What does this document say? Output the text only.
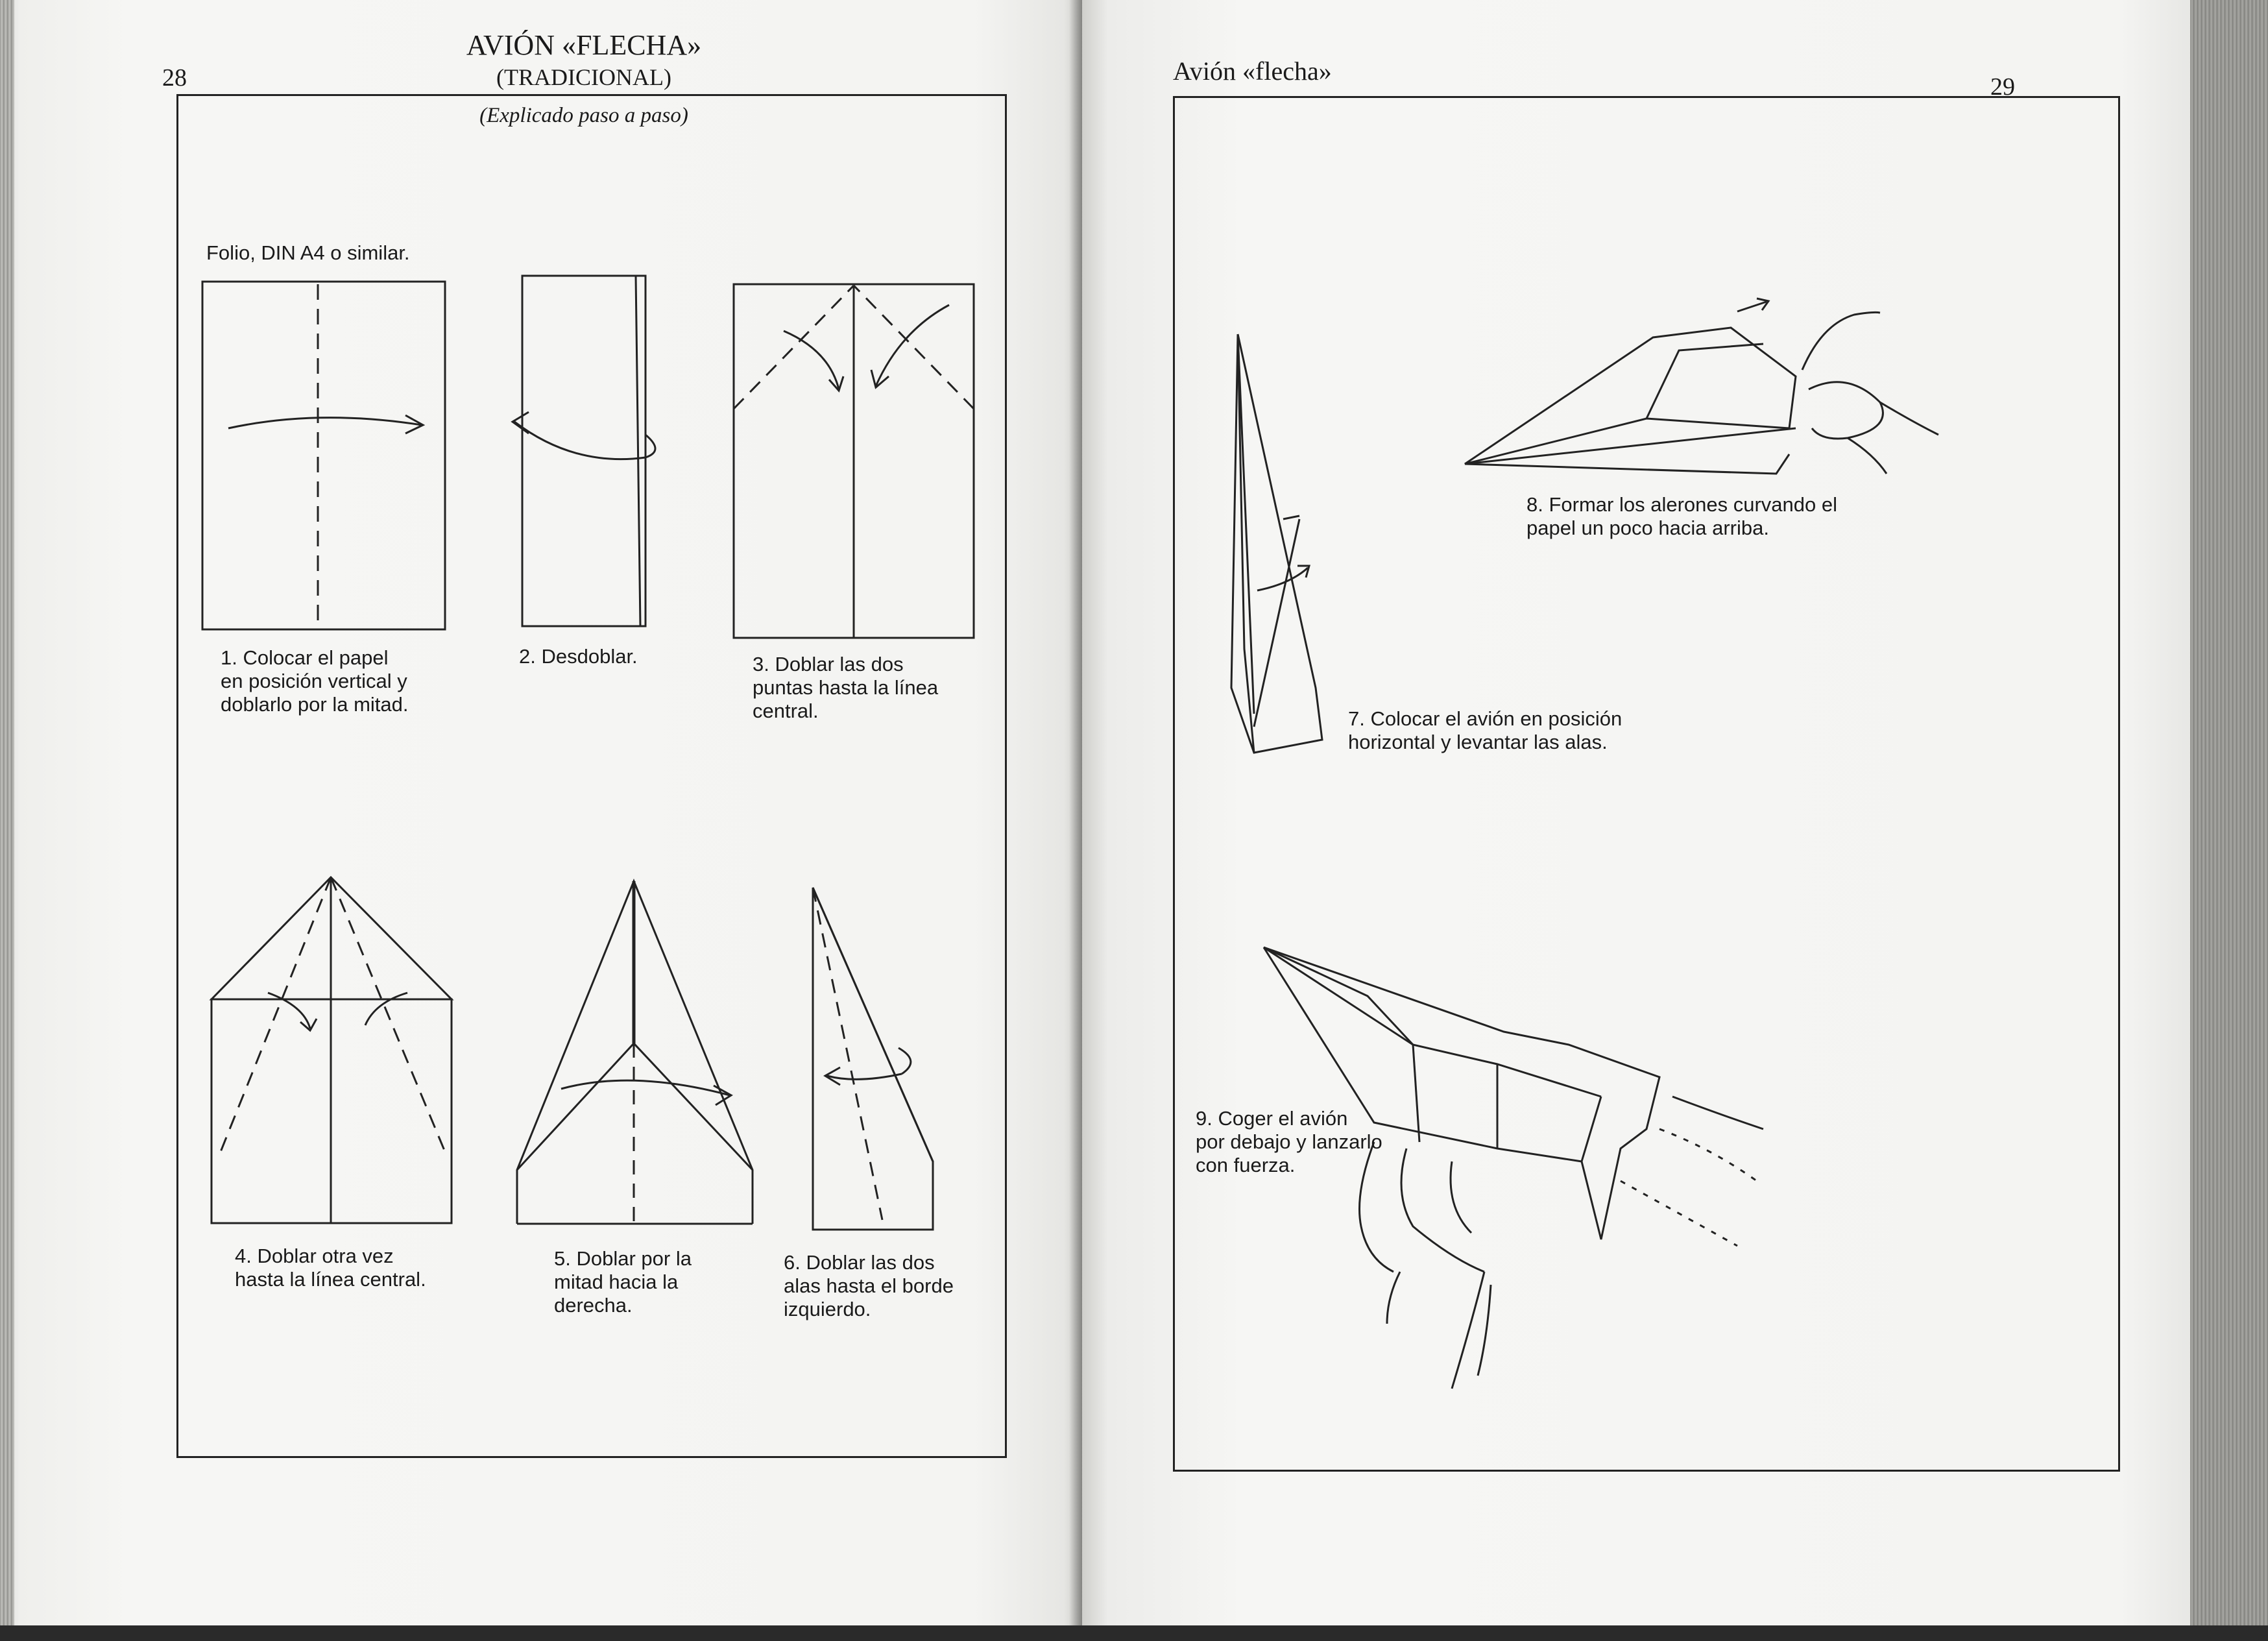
28
AVIÓN «FLECHA»
(TRADICIONAL)
(Explicado paso a paso)
Folio, DIN A4 o similar.
1. Colocar el papel
en posición vertical y
doblarlo por la mitad.
2. Desdoblar.	3. Doblar las dos
puntas hasta la línea
central.
4. Doblar otra vez
hasta la línea central.
5. Doblar por la
mitad hacia la
derecha.
6. Doblar las dos
alas hasta el borde
izquierdo.
Avión «flecha»
29
7. Colocar el avión en posición
horizontal y levantar las alas.
8. Formar los alerones curvando el
papel un poco hacia arriba.
9. Coger el avión
por debajo y lanzarlo
con fuerza.
